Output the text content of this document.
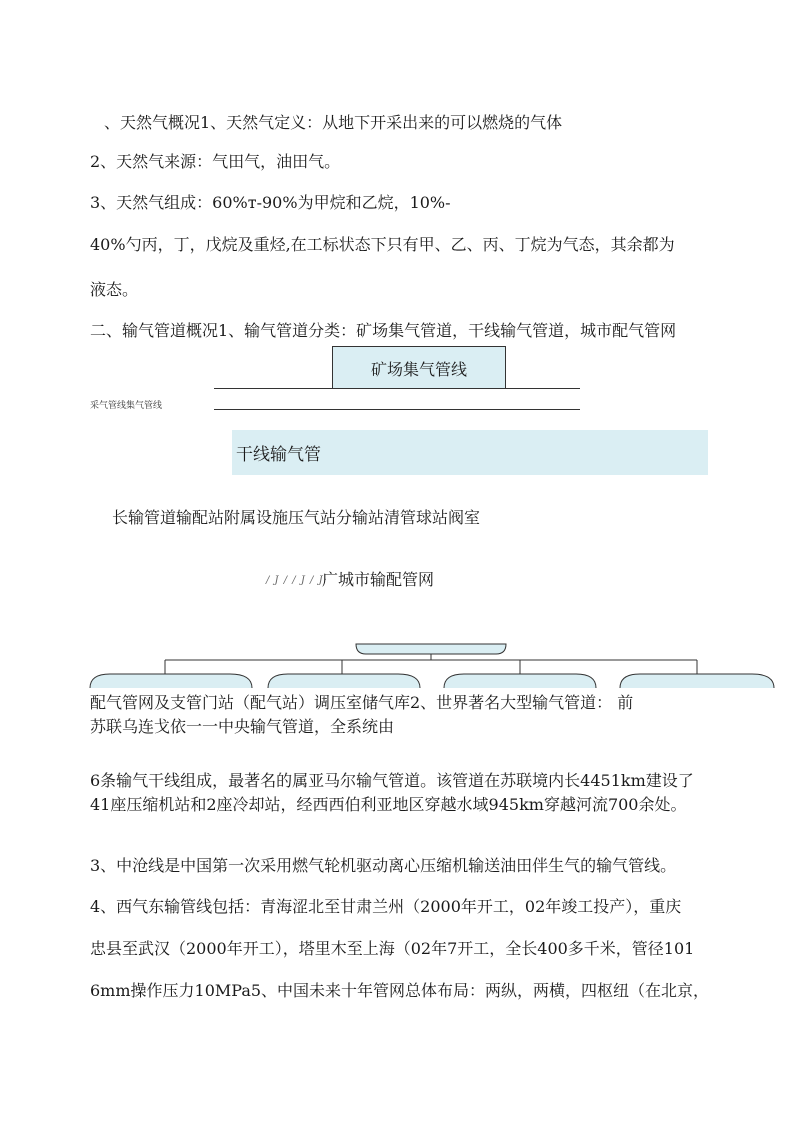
、天然气概况1、天然气定义：从地下开采出来的可以燃烧的气体
2、天然气来源：气田气，油田气。
3、天然气组成：60%т-90%为甲烷和乙烷，10%-
40%勺丙，丁，戊烷及重烃,在工标状态下只有甲、乙、丙、丁烷为气态，其余都为
液态。
二、输气管道概况1、输气管道分类：矿场集气管道，干线输气管道，城市配气管网
矿场集气管线
采气管线集气管线
干线输气管
长输管道输配站附属设施压气站分输站清管球站阀室
/ J / / J / J·
广城市输配管网
配气管网及支管门站（配气站）调压室储气库2、世界著名大型输气管道： 前
苏联乌连戈依一一中央输气管道，全系统由
6条输气干线组成，最著名的属亚马尔输气管道。该管道在苏联境内长4451km建设了
41座压缩机站和2座冷却站，经西西伯利亚地区穿越水域945km穿越河流700余处。
3、中沧线是中国第一次采用燃气轮机驱动离心压缩机输送油田伴生气的输气管线。
4、西气东输管线包括：青海涩北至甘肃兰州（2000年开工，02年竣工投产），重庆
忠县至武汉（2000年开工），塔里木至上海（02年7开工，全长400多千米，管径101
6mm操作压力10MPa5、中国未来十年管网总体布局：两纵，两横，四枢纽（在北京，
